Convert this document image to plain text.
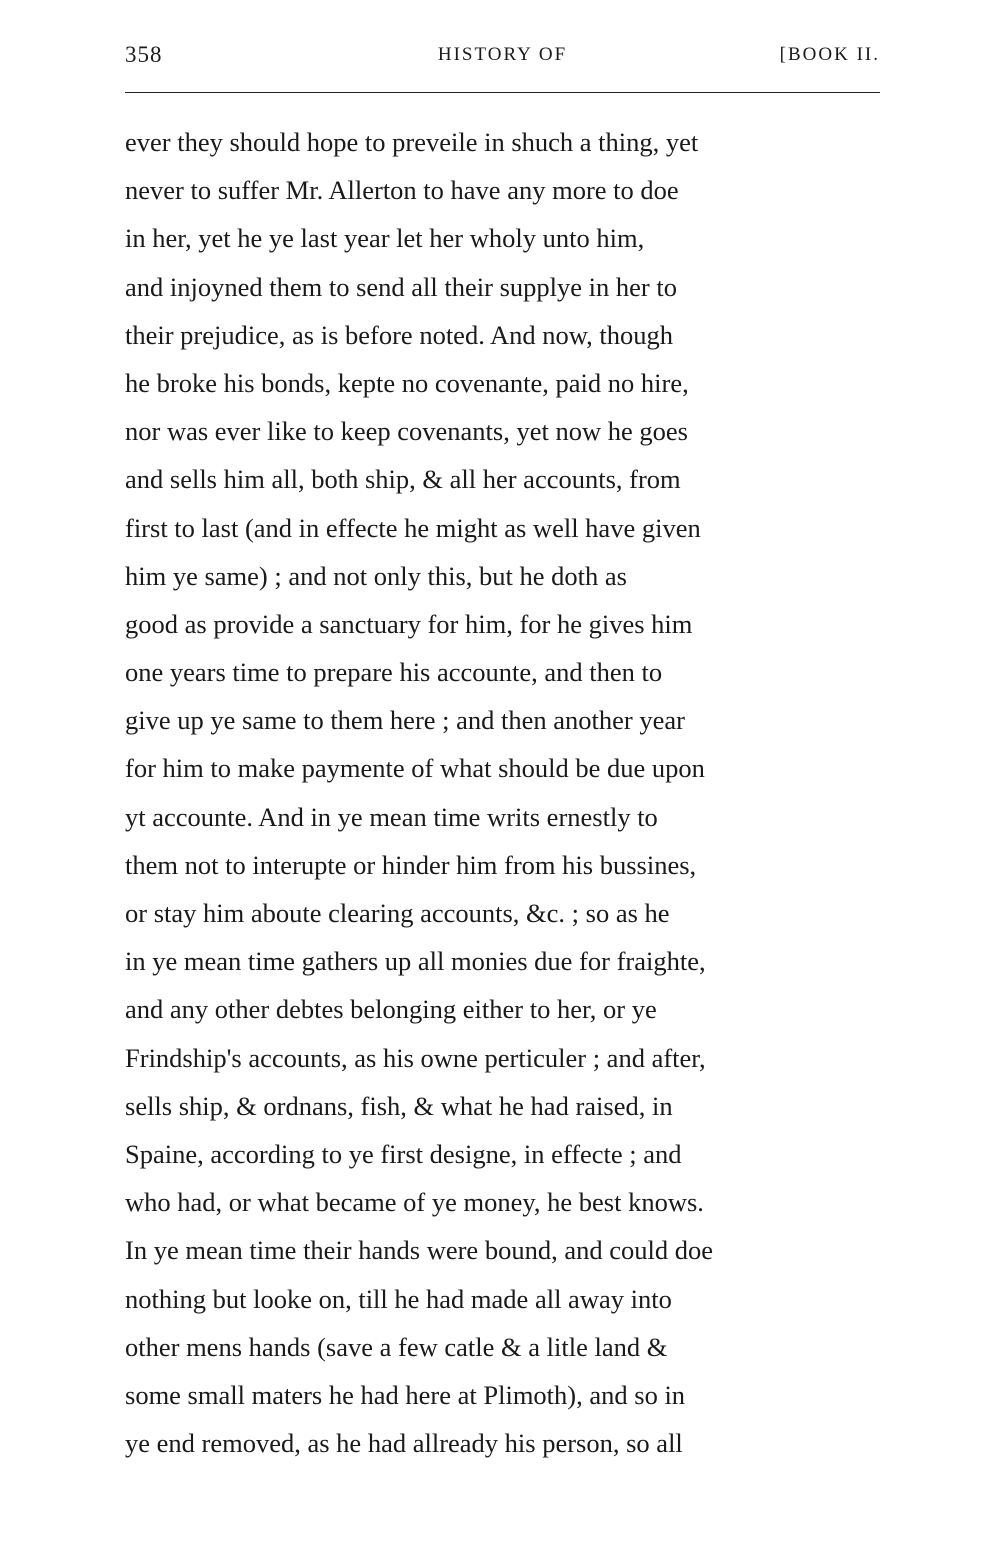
358	HISTORY OF	[BOOK II.
ever they should hope to preveile in shuch a thing, yet
never to suffer Mr. Allerton to have any more to doe
in her, yet he ye last year let her wholy unto him,
and injoyned them to send all their supplye in her to
their prejudice, as is before noted. And now, though
he broke his bonds, kepte no covenante, paid no hire,
nor was ever like to keep covenants, yet now he goes
and sells him all, both ship, & all her accounts, from
first to last (and in effecte he might as well have given
him ye same) ; and not only this, but he doth as
good as provide a sanctuary for him, for he gives him
one years time to prepare his accounte, and then to
give up ye same to them here ; and then another year
for him to make paymente of what should be due upon
yt accounte. And in ye mean time writs ernestly to
them not to interupte or hinder him from his bussines,
or stay him aboute clearing accounts, &c. ; so as he
in ye mean time gathers up all monies due for fraighte,
and any other debtes belonging either to her, or ye
Frindship's accounts, as his owne perticuler ; and after,
sells ship, & ordnans, fish, & what he had raised, in
Spaine, according to ye first designe, in effecte ; and
who had, or what became of ye money, he best knows.
In ye mean time their hands were bound, and could doe
nothing but looke on, till he had made all away into
other mens hands (save a few catle & a litle land &
some small maters he had here at Plimoth), and so in
ye end removed, as he had allready his person, so all
